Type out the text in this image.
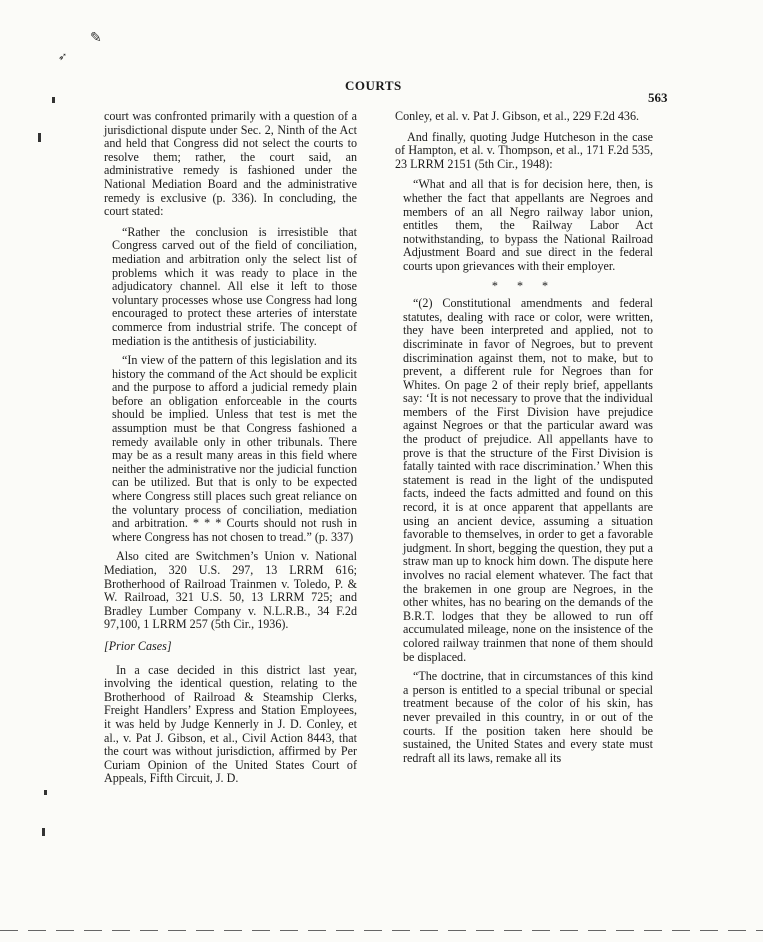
✎
➶
COURTS
563

court was confronted primarily with a question of a jurisdictional dispute under Sec. 2, Ninth of the Act and held that Congress did not select the courts to resolve them; rather, the court said, an administrative remedy is fashioned under the National Mediation Board and the administrative remedy is exclusive (p. 336). In concluding, the court stated:

“Rather the conclusion is irresistible that Congress carved out of the field of conciliation, mediation and arbitration only the select list of problems which it was ready to place in the adjudicatory channel. All else it left to those voluntary processes whose use Congress had long encouraged to protect these arteries of interstate commerce from industrial strife. The concept of mediation is the antithesis of justiciability.

“In view of the pattern of this legislation and its history the command of the Act should be explicit and the purpose to afford a judicial remedy plain before an obligation enforceable in the courts should be implied. Unless that test is met the assumption must be that Congress fashioned a remedy available only in other tribunals. There may be as a result many areas in this field where neither the administrative nor the judicial function can be utilized. But that is only to be expected where Congress still places such great reliance on the voluntary process of conciliation, mediation and arbitration. * * * Courts should not rush in where Congress has not chosen to tread.” (p. 337)

Also cited are Switchmen’s Union v. National Mediation, 320 U.S. 297, 13 LRRM 616; Brotherhood of Railroad Trainmen v. Toledo, P. & W. Railroad, 321 U.S. 50, 13 LRRM 725; and Bradley Lumber Company v. N.L.R.B., 34 F.2d 97,100, 1 LRRM 257 (5th Cir., 1936).

[Prior Cases]

In a case decided in this district last year, involving the identical question, relating to the Brotherhood of Railroad & Steamship Clerks, Freight Handlers’ Express and Station Employees, it was held by Judge Kennerly in J. D. Conley, et al., v. Pat J. Gibson, et al., Civil Action 8443, that the court was without jurisdiction, affirmed by Per Curiam Opinion of the United States Court of Appeals, Fifth Circuit, J. D.

Conley, et al. v. Pat J. Gibson, et al., 229 F.2d 436.

And finally, quoting Judge Hutcheson in the case of Hampton, et al. v. Thompson, et al., 171 F.2d 535, 23 LRRM 2151 (5th Cir., 1948):

“What and all that is for decision here, then, is whether the fact that appellants are Negroes and members of an all Negro railway labor union, entitles them, the Railway Labor Act notwithstanding, to bypass the National Railroad Adjustment Board and sue direct in the federal courts upon grievances with their employer.

* * *

“(2) Constitutional amendments and federal statutes, dealing with race or color, were written, they have been interpreted and applied, not to discriminate in favor of Negroes, but to prevent discrimination against them, not to make, but to prevent, a different rule for Negroes than for Whites. On page 2 of their reply brief, appellants say: ‘It is not necessary to prove that the individual members of the First Division have prejudice against Negroes or that the particular award was the product of prejudice. All appellants have to prove is that the structure of the First Division is fatally tainted with race discrimination.’ When this statement is read in the light of the undisputed facts, indeed the facts admitted and found on this record, it is at once apparent that appellants are using an ancient device, assuming a situation favorable to themselves, in order to get a favorable judgment. In short, begging the question, they put a straw man up to knock him down. The dispute here involves no racial element whatever. The fact that the brakemen in one group are Negroes, in the other whites, has no bearing on the demands of the B.R.T. lodges that they be allowed to run off accumulated mileage, none on the insistence of the colored railway trainmen that none of them should be displaced.

“The doctrine, that in circumstances of this kind a person is entitled to a special tribunal or special treatment because of the color of his skin, has never prevailed in this country, in or out of the courts. If the position taken here should be sustained, the United States and every state must redraft all its laws, remake all its
